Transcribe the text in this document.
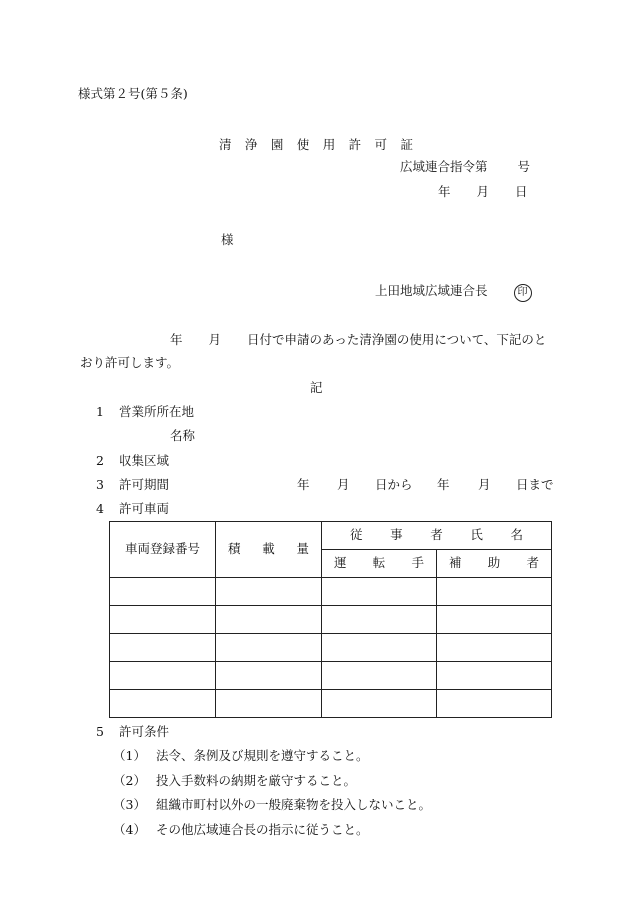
様式第２号(第５条)
清 浄 園 使 用 許 可 証
広域連合指令第 号
年 月 日
様
上田地域広域連合長	印
年 月 日付で申請のあった清浄園の使用について、下記のと
おり許可します。
記
1 営業所所在地
名称
2 収集区域
3 許可期間	年 月 日から 年 月 日まで
4 許可車両
車両登録番号	積 載 量	従 事 者 氏 名	

		運 転 手	補 助 者

5 許可条件
（1） 法令、条例及び規則を遵守すること。
（2） 投入手数料の納期を厳守すること。
（3） 組織市町村以外の一般廃棄物を投入しないこと。
（4） その他広域連合長の指示に従うこと。
